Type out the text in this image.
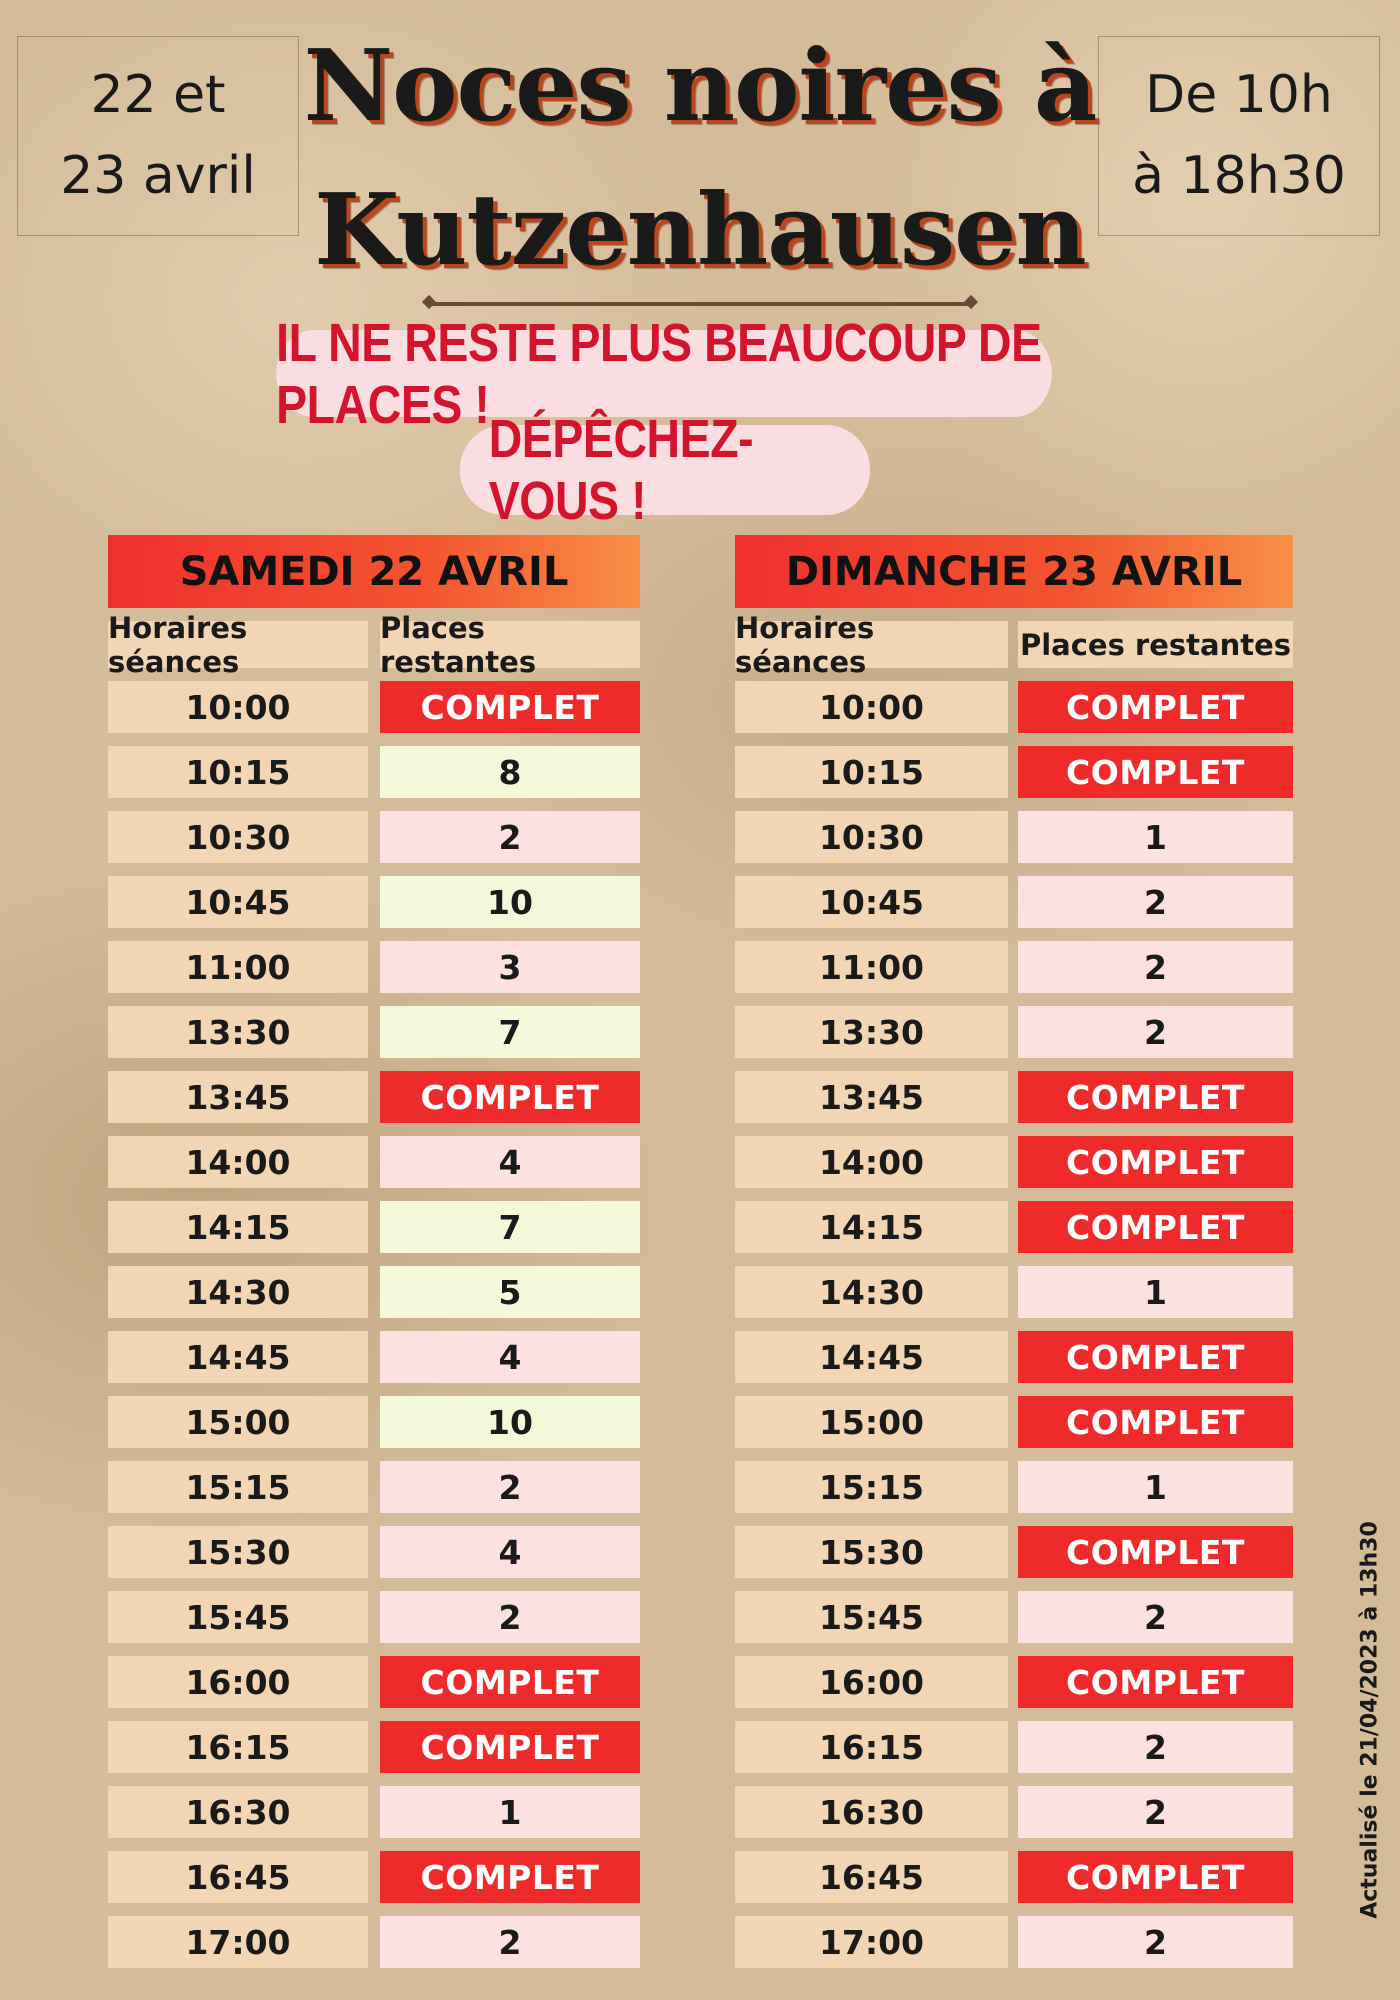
22 et
23 avril
Noces noires à
Kutzenhausen
De 10h
à 18h30
IL NE RESTE PLUS BEAUCOUP DE PLACES !
DÉPÊCHEZ-VOUS !
SAMEDI 22 AVRIL
Horaires séances
Places restantes
10:00	COMPLET
10:15	8
10:30	2
10:45	10
11:00	3
13:30	7
13:45	COMPLET
14:00	4
14:15	7
14:30	5
14:45	4
15:00	10
15:15	2
15:30	4
15:45	2
16:00	COMPLET
16:15	COMPLET
16:30	1
16:45	COMPLET
17:00	2
DIMANCHE 23 AVRIL
Horaires séances	Places restantes
10:00	COMPLET
10:15	COMPLET
10:30	1
10:45	2
11:00	2
13:30	2
13:45	COMPLET
14:00	COMPLET
14:15	COMPLET
14:30	1
14:45	COMPLET
15:00	COMPLET
15:15	1
15:30	COMPLET
15:45	2
16:00	COMPLET
16:15	2
16:30	2
16:45	COMPLET
17:00	2
Actualisé le 21/04/2023 à 13h30
